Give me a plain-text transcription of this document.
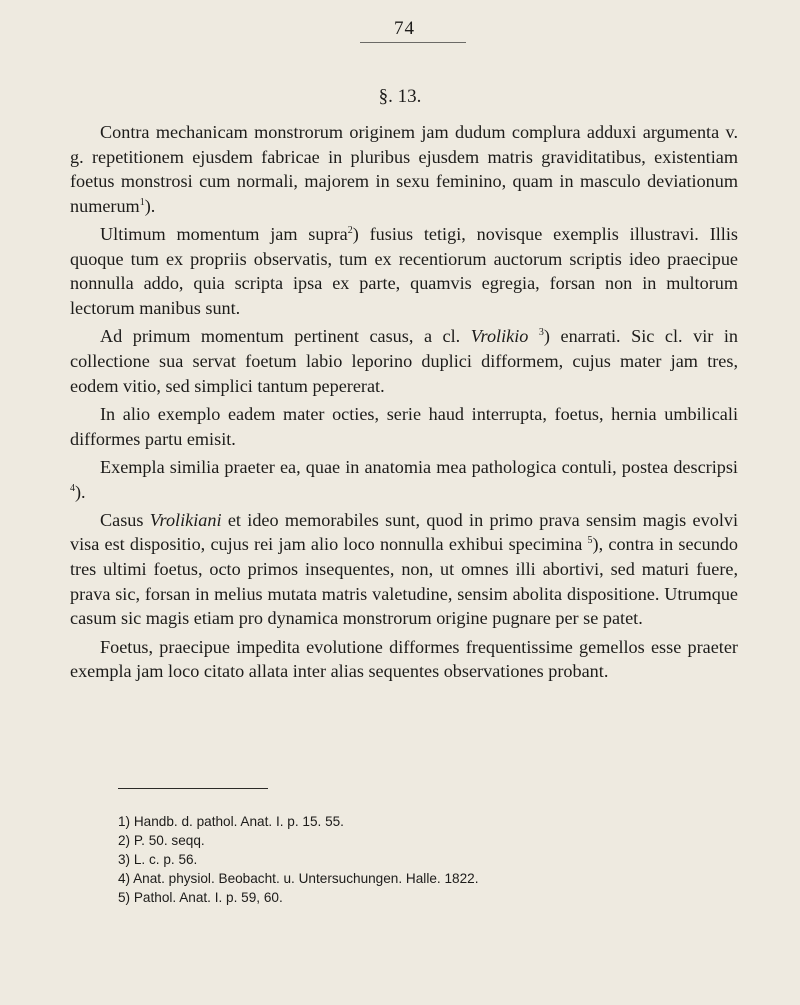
74
§. 13.

Contra mechanicam monstrorum originem jam dudum complura adduxi argumenta v. g. repetitionem ejusdem fabricae in pluribus ejusdem matris graviditatibus, existentiam foetus monstrosi cum normali, majorem in sexu feminino, quam in masculo deviationum numerum$^1$).

Ultimum momentum jam supra$^2$) fusius tetigi, novisque exemplis illustravi. Illis quoque tum ex propriis observatis, tum ex recentiorum auctorum scriptis ideo praecipue nonnulla addo, quia scripta ipsa ex parte, quamvis egregia, forsan non in multorum lectorum manibus sunt.

Ad primum momentum pertinent casus, a cl. Vrolikio $^3$) enarrati. Sic cl. vir in collectione sua servat foetum labio leporino duplici difformem, cujus mater jam tres, eodem vitio, sed simplici tantum pepererat.

In alio exemplo eadem mater octies, serie haud interrupta, foetus, hernia umbilicali difformes partu emisit.

Exempla similia praeter ea, quae in anatomia mea pathologica contuli, postea descripsi $^4$).

Casus Vrolikiani et ideo memorabiles sunt, quod in primo prava sensim magis evolvi visa est dispositio, cujus rei jam alio loco nonnulla exhibui specimina $^5$), contra in secundo tres ultimi foetus, octo primos insequentes, non, ut omnes illi abortivi, sed maturi fuere, prava sic, forsan in melius mutata matris valetudine, sensim abolita dispositione. Utrumque casum sic magis etiam pro dynamica monstrorum origine pugnare per se patet.

Foetus, praecipue impedita evolutione difformes frequentissime gemellos esse praeter exempla jam loco citato allata inter alias sequentes observationes probant.

1) Handb. d. pathol. Anat. I. p. 15. 55.
2) P. 50. seqq.
3) L. c. p. 56.
4) Anat. physiol. Beobacht. u. Untersuchungen. Halle. 1822.
5) Pathol. Anat. I. p. 59, 60.
